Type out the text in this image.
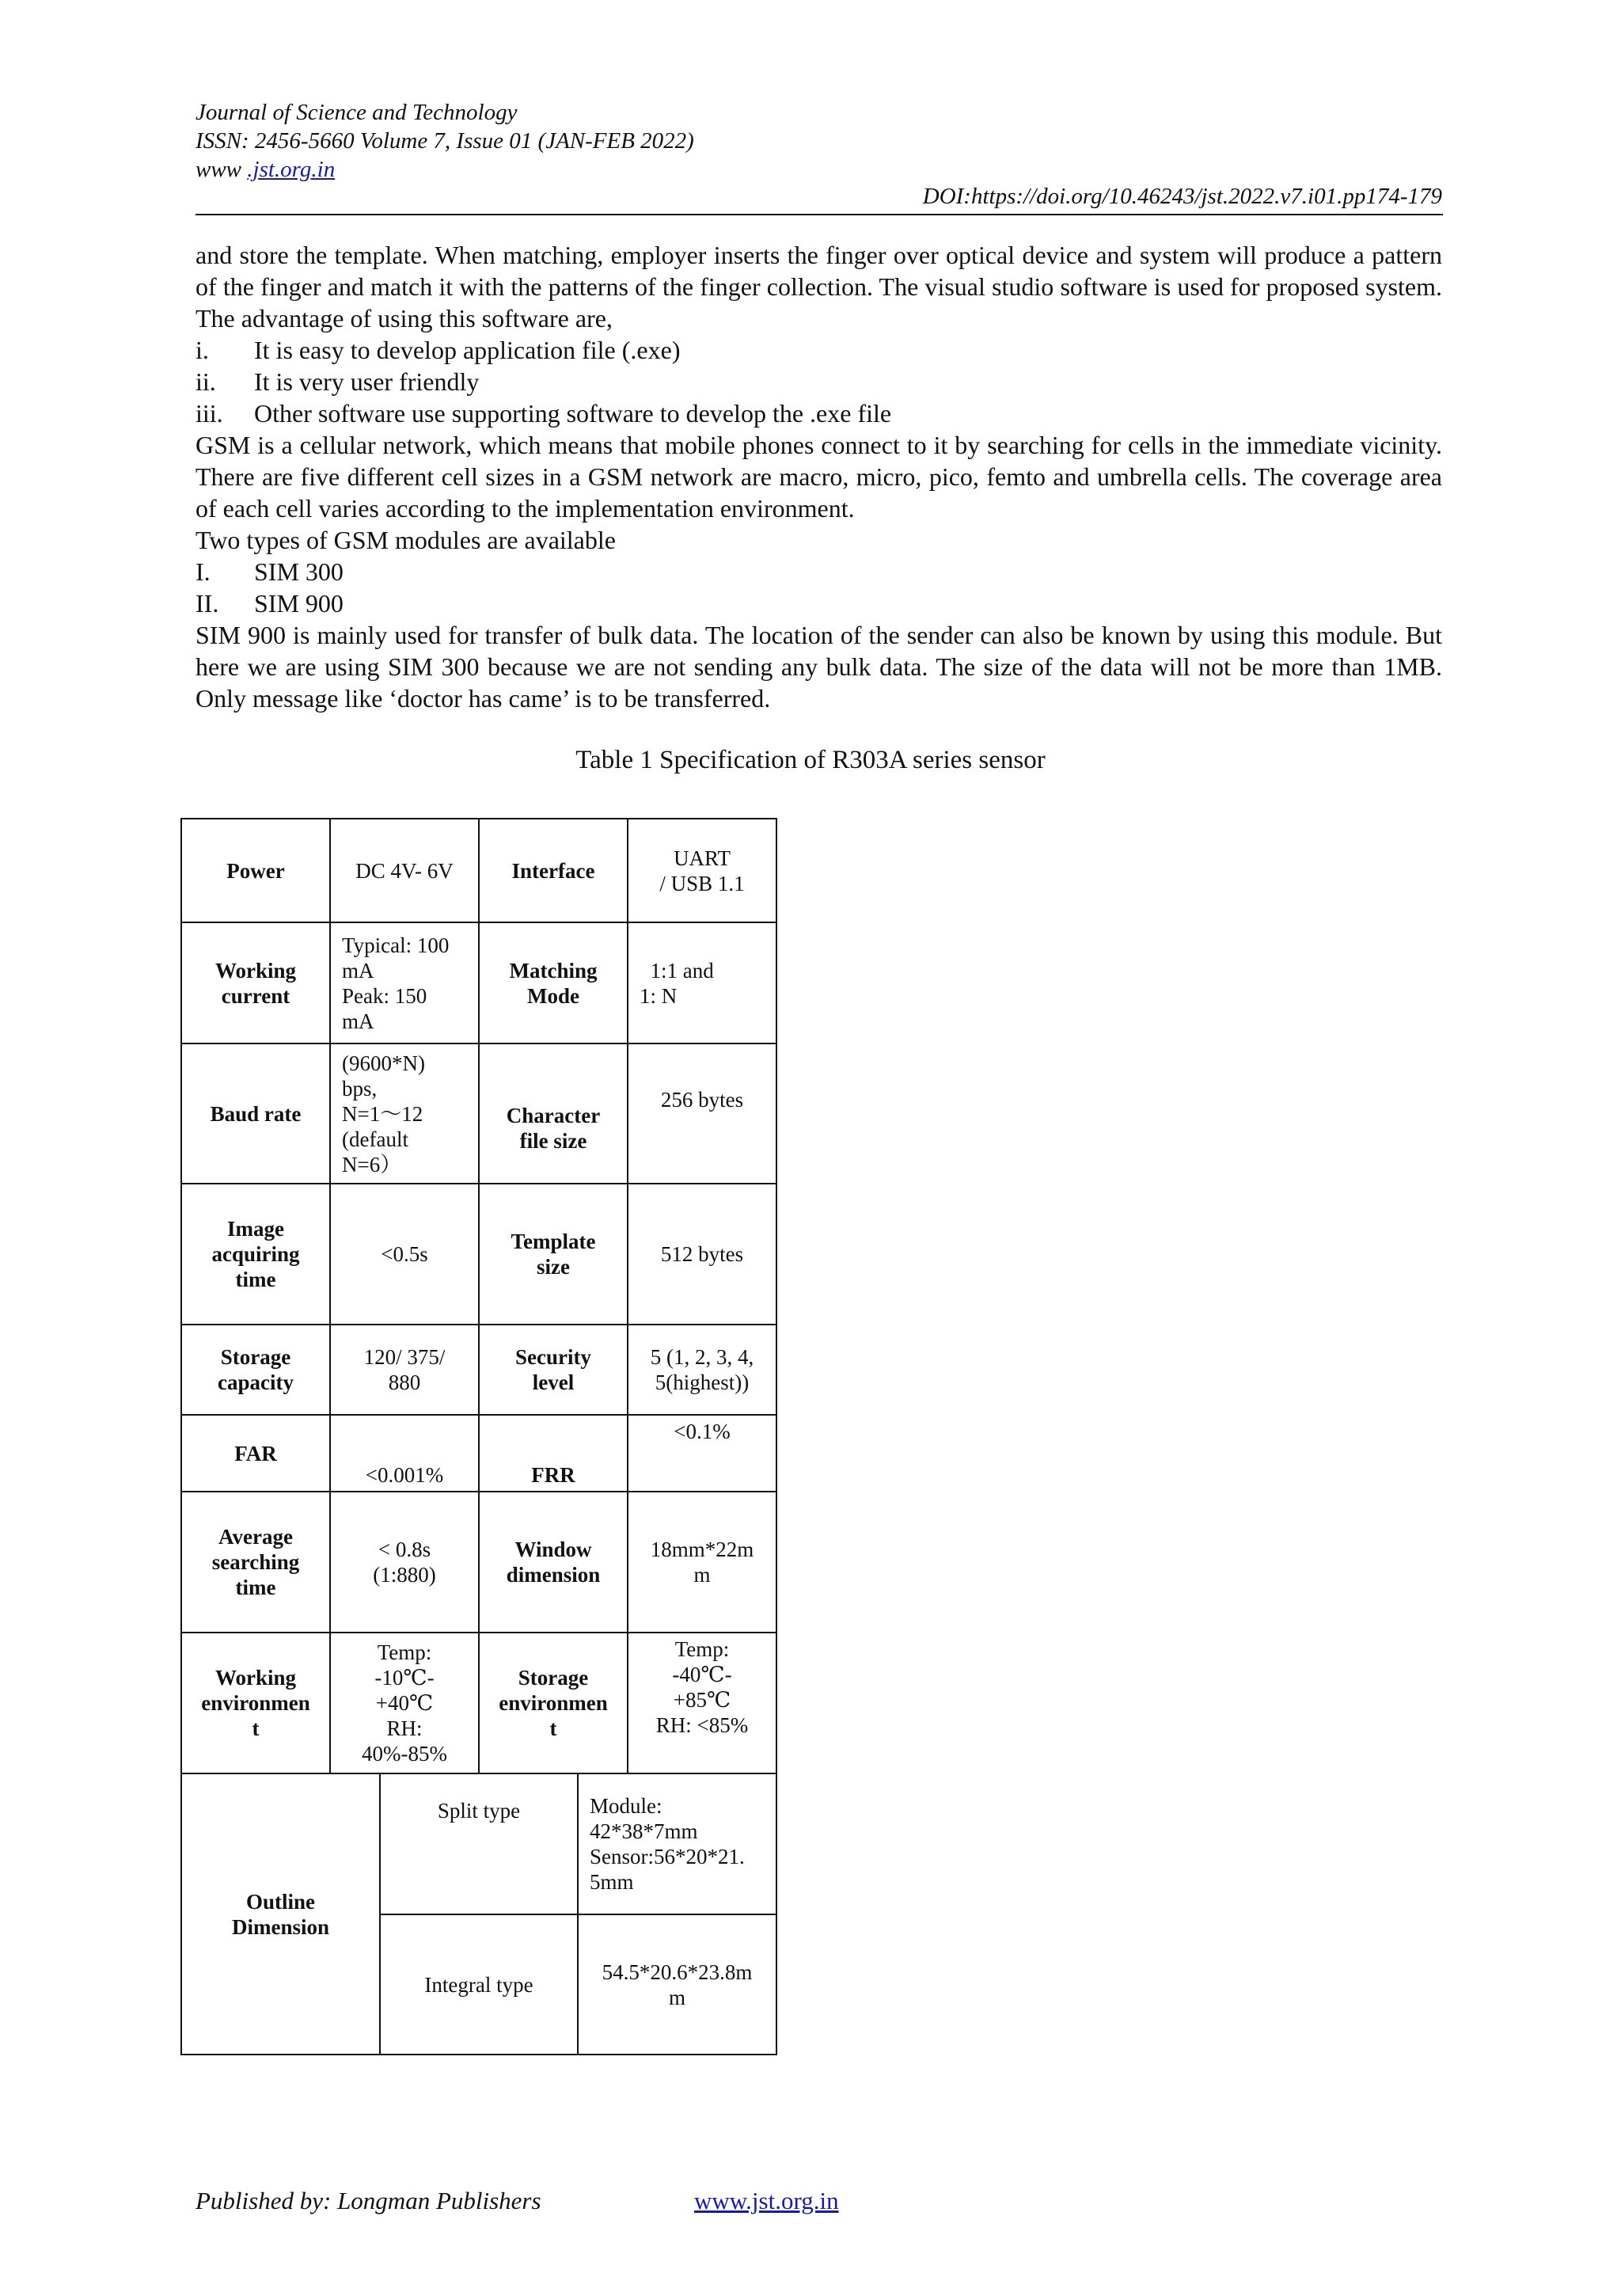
Journal of Science and Technology
ISSN: 2456-5660 Volume 7, Issue 01 (JAN-FEB 2022)
www .jst.org.in
DOI:https://doi.org/10.46243/jst.2022.v7.i01.pp174-179

and store the template. When matching, employer inserts the finger over optical device and system will produce a pattern of the finger and match it with the patterns of the finger collection. The visual studio software is used for proposed system. The advantage of using this software are,

i.	It is easy to develop application file (.exe)
ii.	It is very user friendly
iii.	Other software use supporting software to develop the .exe file

GSM is a cellular network, which means that mobile phones connect to it by searching for cells in the immediate vicinity. There are five different cell sizes in a GSM network are macro, micro, pico, femto and umbrella cells. The coverage area of each cell varies according to the implementation environment.

Two types of GSM modules are available

I.	SIM 300
II.	SIM 900

SIM 900 is mainly used for transfer of bulk data. The location of the sender can also be known by using this module. But here we are using SIM 300 because we are not sending any bulk data. The size of the data will not be more than 1MB. Only message like ‘doctor has came’ is to be transferred.

Table 1 Specification of R303A series sensor
Power	DC 4V- 6V		Interface		UART
/ USB 1.1
Working
current	Typical: 100
mA
Peak: 150
mA		Matching
Mode		1:1 and
1: N
Baud rate	(9600*N)
bps,
N=1～12
(default
N=6）		Character
file size		256 bytes
Image
acquiring
time	<0.5s		Template
size		512 bytes
Storage
capacity	120/ 375/
880		Security
level		5 (1, 2, 3, 4,
5(highest))
FAR	<0.001%		FRR		<0.1%
Average
searching
time	< 0.8s
(1:880)		Window
dimension		18mm*22m
m
Working
environmen
t	Temp:
-10℃-
+40℃
RH:
40%-85%		Storage
environmen
t		Temp:
-40℃-
+85℃
RH: <85%
Outline
Dimension		Split type		Module:
42*38*7mm
Sensor:56*20*21.
5mm	
		Integral type		54.5*20.6*23.8m
m	
Published by: Longman Publishers	www.jst.org.in
